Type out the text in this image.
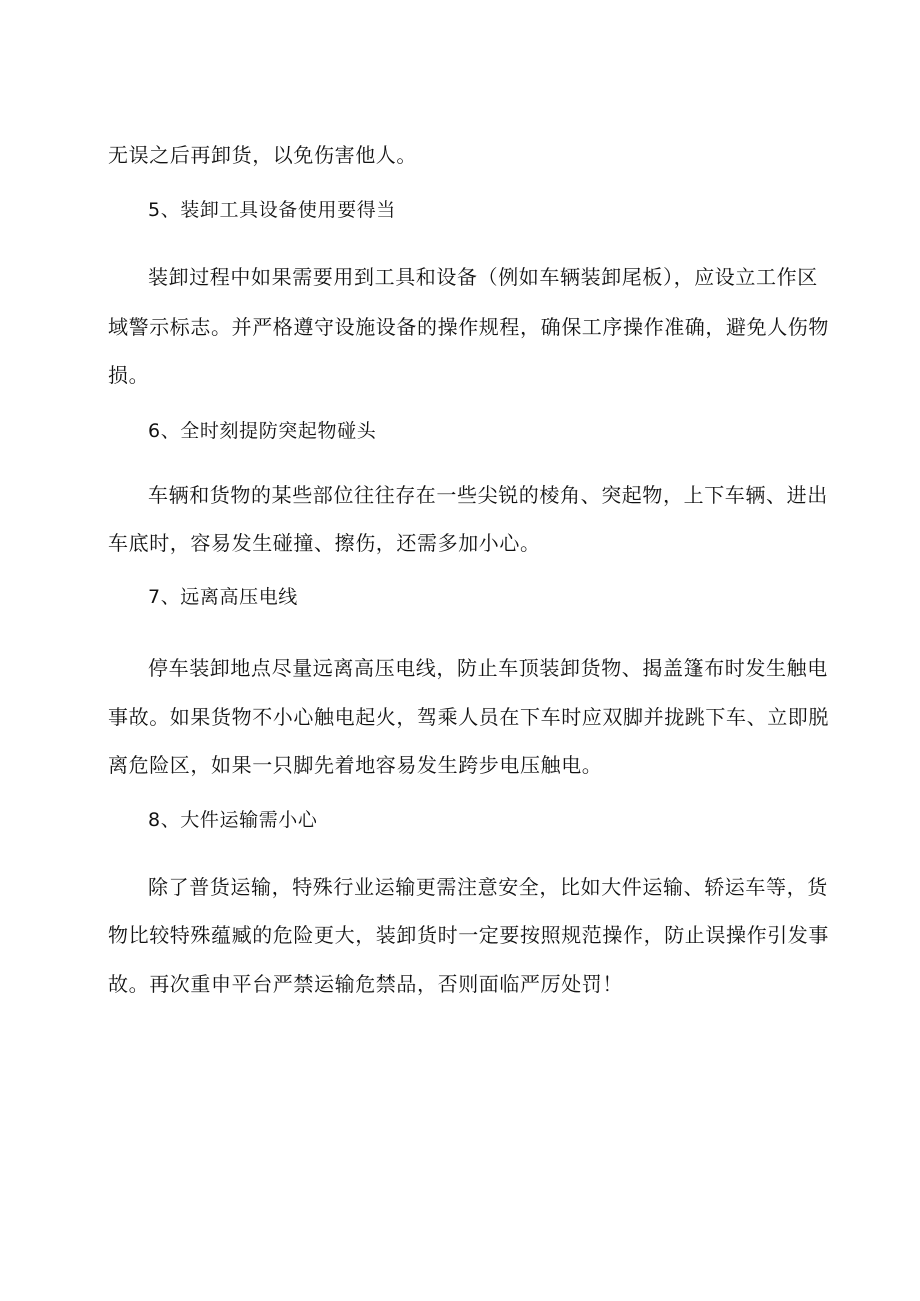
无误之后再卸货，以免伤害他人。
5、装卸工具设备使用要得当
装卸过程中如果需要用到工具和设备（例如车辆装卸尾板），应设立工作区
域警示标志。并严格遵守设施设备的操作规程，确保工序操作准确，避免人伤物
损。
6、全时刻提防突起物碰头
车辆和货物的某些部位往往存在一些尖锐的棱角、突起物，上下车辆、进出
车底时，容易发生碰撞、擦伤，还需多加小心。
7、远离高压电线
停车装卸地点尽量远离高压电线，防止车顶装卸货物、揭盖篷布时发生触电
事故。如果货物不小心触电起火，驾乘人员在下车时应双脚并拢跳下车、立即脱
离危险区，如果一只脚先着地容易发生跨步电压触电。
8、大件运输需小心
除了普货运输，特殊行业运输更需注意安全，比如大件运输、轿运车等，货
物比较特殊蕴臧的危险更大，装卸货时一定要按照规范操作，防止误操作引发事
故。再次重申平台严禁运输危禁品，否则面临严厉处罚！
